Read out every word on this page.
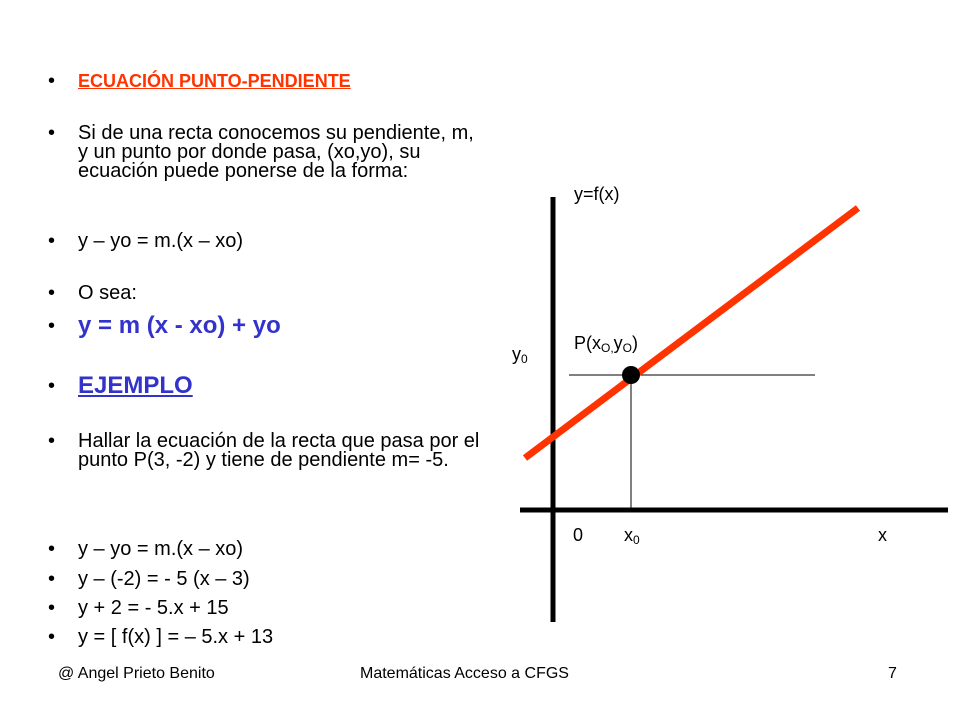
• ECUACIÓN PUNTO-PENDIENTE
• Si de una recta conocemos su pendiente, m, y un punto por donde pasa, (xo,yo), su ecuación puede ponerse de la forma:
• y – yo = m.(x – xo)
• O sea:
• y = m (x - xo) + yo
• EJEMPLO
• Hallar la ecuación de la recta que pasa por el punto P(3, -2) y tiene de pendiente m= -5.
• y – yo = m.(x – xo)
• y – (-2) = - 5 (x – 3)
• y + 2 = - 5.x + 15
• y = [ f(x) ] = – 5.x + 13
y=f(x)
$P(x_{O,}y_O)$
$y_0$
0 $x_0$	x
@ Angel Prieto Benito	Matemáticas Acceso a CFGS	7
